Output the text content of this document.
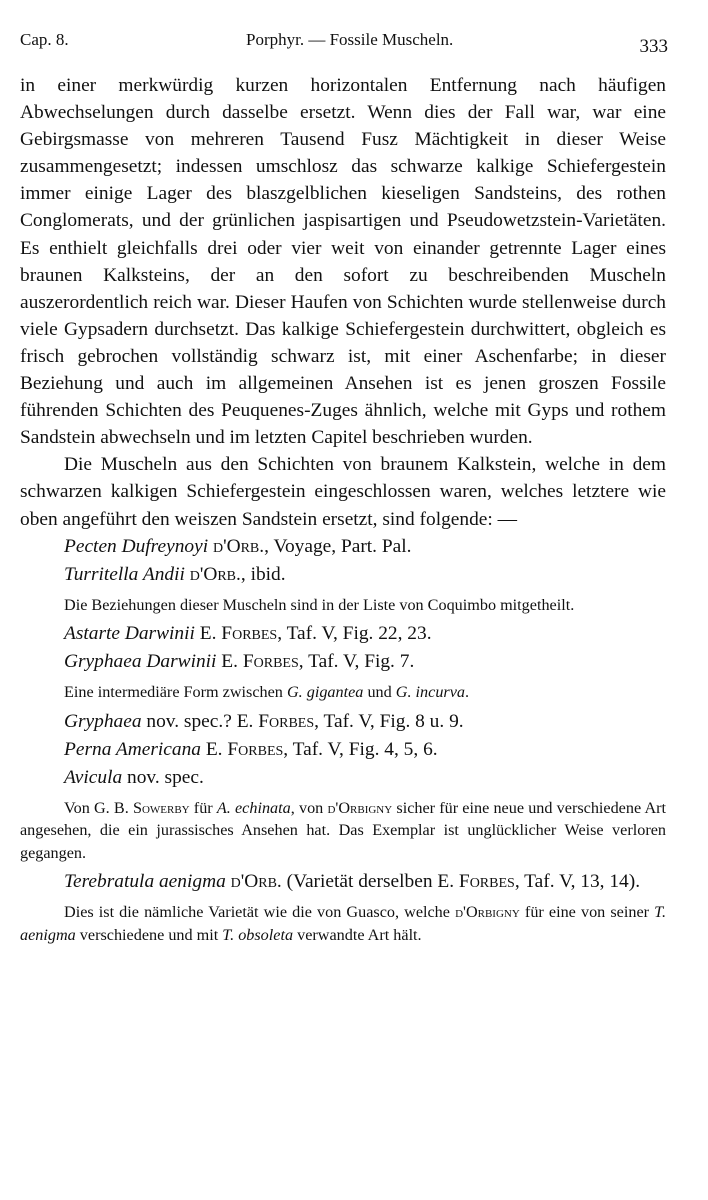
Cap. 8.	Porphyr. — Fossile Muscheln.	333

in einer merkwürdig kurzen horizontalen Entfernung nach häufigen Abwechselungen durch dasselbe ersetzt. Wenn dies der Fall war, war eine Gebirgsmasse von mehreren Tausend Fusz Mächtigkeit in dieser Weise zusammengesetzt; indessen umschlosz das schwarze kalkige Schiefergestein immer einige Lager des blaszgelblichen kieseligen Sandsteins, des rothen Conglomerats, und der grünlichen jaspisartigen und Pseudowetzstein-Varietäten. Es enthielt gleichfalls drei oder vier weit von einander getrennte Lager eines braunen Kalksteins, der an den sofort zu beschreibenden Muscheln auszerordentlich reich war. Dieser Haufen von Schichten wurde stellenweise durch viele Gypsadern durchsetzt. Das kalkige Schiefergestein durchwittert, obgleich es frisch gebrochen vollständig schwarz ist, mit einer Aschenfarbe; in dieser Beziehung und auch im allgemeinen Ansehen ist es jenen groszen Fossile führenden Schichten des Peuquenes-Zuges ähnlich, welche mit Gyps und rothem Sandstein abwechseln und im letzten Capitel beschrieben wurden.

Die Muscheln aus den Schichten von braunem Kalkstein, welche in dem schwarzen kalkigen Schiefergestein eingeschlossen waren, welches letztere wie oben angeführt den weiszen Sandstein ersetzt, sind folgende: —

Pecten Dufreynoyi d'Orb., Voyage, Part. Pal.
Turritella Andii d'Orb., ibid.

Die Beziehungen dieser Muscheln sind in der Liste von Coquimbo mitgetheilt.

Astarte Darwinii E. Forbes, Taf. V, Fig. 22, 23.
Gryphaea Darwinii E. Forbes, Taf. V, Fig. 7.

Eine intermediäre Form zwischen G. gigantea und G. incurva.

Gryphaea nov. spec.? E. Forbes, Taf. V, Fig. 8 u. 9.
Perna Americana E. Forbes, Taf. V, Fig. 4, 5, 6.
Avicula nov. spec.

Von G. B. Sowerby für A. echinata, von d'Orbigny sicher für eine neue und verschiedene Art angesehen, die ein jurassisches Ansehen hat. Das Exemplar ist unglücklicher Weise verloren gegangen.

Terebratula aenigma d'Orb. (Varietät derselben E. Forbes, Taf. V, 13, 14).

Dies ist die nämliche Varietät wie die von Guasco, welche d'Orbigny für eine von seiner T. aenigma verschiedene und mit T. obsoleta verwandte Art hält.
